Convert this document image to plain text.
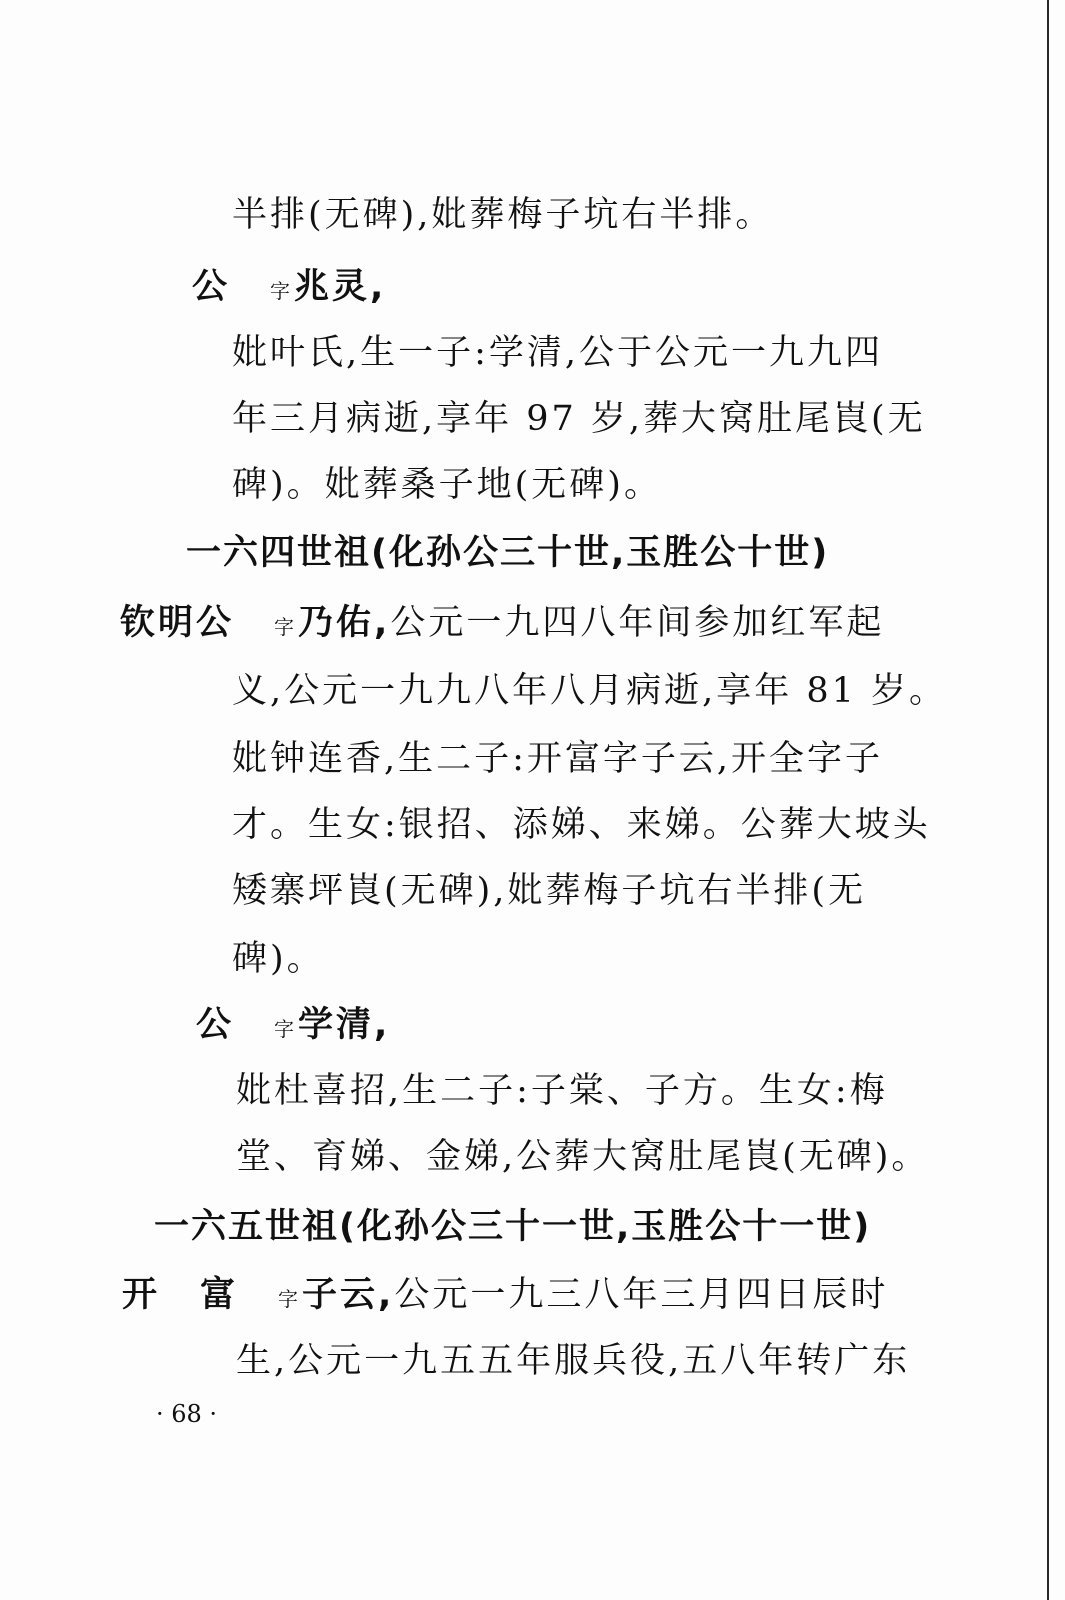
半排(无碑),妣葬梅子坑右半排。
公 字 兆灵,
妣叶氏,生一子:学清,公于公元一九九四
年三月病逝,享年 97 岁,葬大窝肚尾崀(无
碑)。妣葬桑子地(无碑)。
一六四世祖(化孙公三十世,玉胜公十世)
钦明公 字 乃佑,公元一九四八年间参加红军起
义,公元一九九八年八月病逝,享年 81 岁。
妣钟连香,生二子:开富字子云,开全字子
才。生女:银招、添娣、来娣。公葬大坡头
矮寨坪崀(无碑),妣葬梅子坑右半排(无
碑)。
公 字 学清,
妣杜喜招,生二子:子棠、子方。生女:梅
堂、育娣、金娣,公葬大窝肚尾崀(无碑)。
一六五世祖(化孙公三十一世,玉胜公十一世)
开 富 字 子云,公元一九三八年三月四日辰时
生,公元一九五五年服兵役,五八年转广东
· 68 ·
